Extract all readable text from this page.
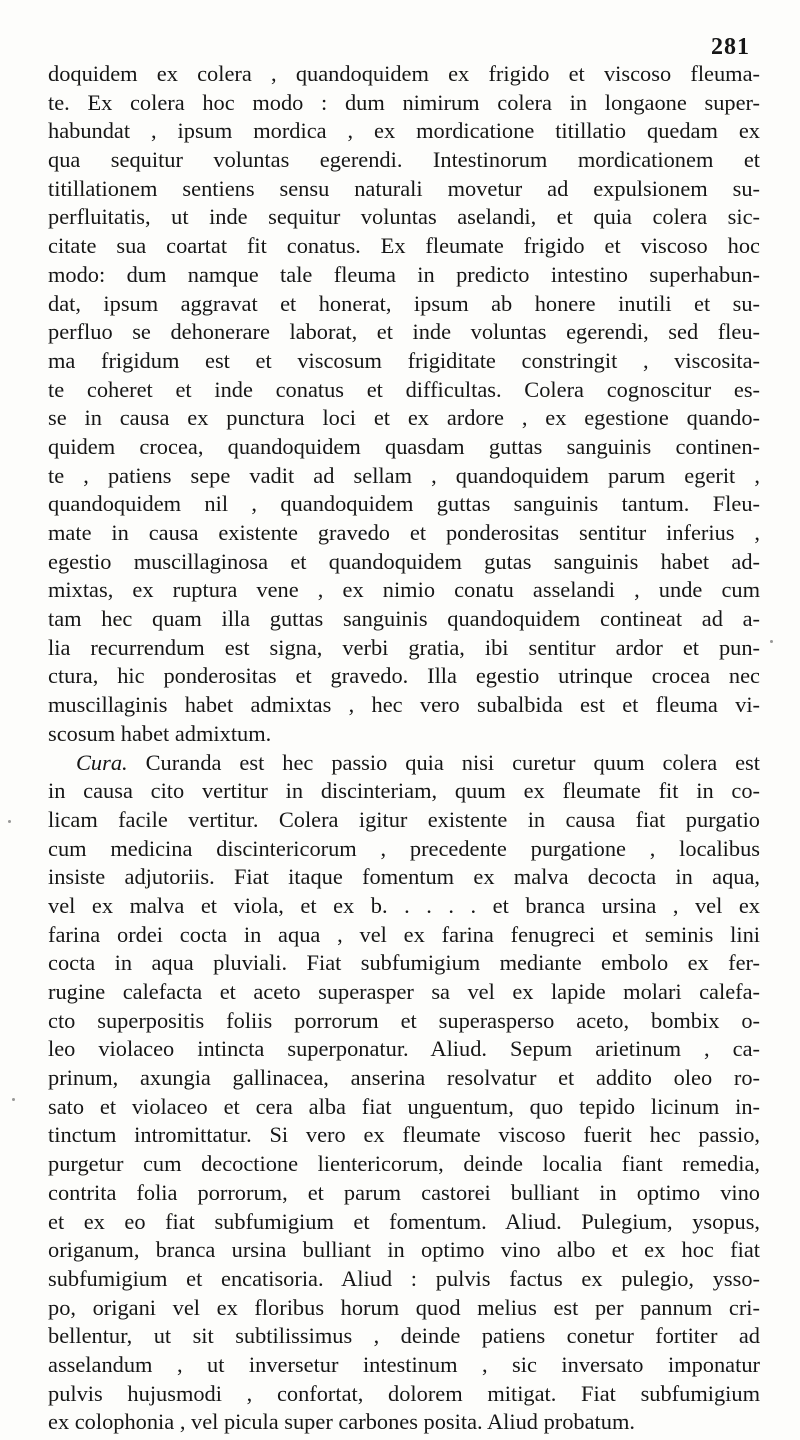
281
doquidem ex colera , quandoquidem ex frigido et viscoso fleuma-
te. Ex colera hoc modo : dum nimirum colera in longaone super-
habundat , ipsum mordica , ex mordicatione titillatio quedam ex
qua sequitur voluntas egerendi. Intestinorum mordicationem et
titillationem sentiens sensu naturali movetur ad expulsionem su-
perfluitatis, ut inde sequitur voluntas aselandi, et quia colera sic-
citate sua coartat fit conatus. Ex fleumate frigido et viscoso hoc
modo: dum namque tale fleuma in predicto intestino superhabun-
dat, ipsum aggravat et honerat, ipsum ab honere inutili et su-
perfluo se dehonerare laborat, et inde voluntas egerendi, sed fleu-
ma frigidum est et viscosum frigiditate constringit , viscosita-
te coheret et inde conatus et difficultas. Colera cognoscitur es-
se in causa ex punctura loci et ex ardore , ex egestione quando-
quidem crocea, quandoquidem quasdam guttas sanguinis continen-
te , patiens sepe vadit ad sellam , quandoquidem parum egerit ,
quandoquidem nil , quandoquidem guttas sanguinis tantum. Fleu-
mate in causa existente gravedo et ponderositas sentitur inferius ,
egestio muscillaginosa et quandoquidem gutas sanguinis habet ad-
mixtas, ex ruptura vene , ex nimio conatu asselandi , unde cum
tam hec quam illa guttas sanguinis quandoquidem contineat ad a-
lia recurrendum est signa, verbi gratia, ibi sentitur ardor et pun-
ctura, hic ponderositas et gravedo. Illa egestio utrinque crocea nec
muscillaginis habet admixtas , hec vero subalbida est et fleuma vi-
scosum habet admixtum.
Cura. Curanda est hec passio quia nisi curetur quum colera est
in causa cito vertitur in discinteriam, quum ex fleumate fit in co-
licam facile vertitur. Colera igitur existente in causa fiat purgatio
cum medicina discintericorum , precedente purgatione , localibus
insiste adjutoriis. Fiat itaque fomentum ex malva decocta in aqua,
vel ex malva et viola, et ex b. . . . . et branca ursina , vel ex
farina ordei cocta in aqua , vel ex farina fenugreci et seminis lini
cocta in aqua pluviali. Fiat subfumigium mediante embolo ex fer-
rugine calefacta et aceto superasper sa vel ex lapide molari calefa-
cto superpositis foliis porrorum et superasperso aceto, bombix o-
leo violaceo intincta superponatur. Aliud. Sepum arietinum , ca-
prinum, axungia gallinacea, anserina resolvatur et addito oleo ro-
sato et violaceo et cera alba fiat unguentum, quo tepido licinum in-
tinctum intromittatur. Si vero ex fleumate viscoso fuerit hec passio,
purgetur cum decoctione lientericorum, deinde localia fiant remedia,
contrita folia porrorum, et parum castorei bulliant in optimo vino
et ex eo fiat subfumigium et fomentum. Aliud. Pulegium, ysopus,
origanum, branca ursina bulliant in optimo vino albo et ex hoc fiat
subfumigium et encatisoria. Aliud : pulvis factus ex pulegio, ysso-
po, origani vel ex floribus horum quod melius est per pannum cri-
bellentur, ut sit subtilissimus , deinde patiens conetur fortiter ad
asselandum , ut inversetur intestinum , sic inversato imponatur
pulvis hujusmodi , confortat, dolorem mitigat. Fiat subfumigium
ex colophonia , vel picula super carbones posita. Aliud probatum.
